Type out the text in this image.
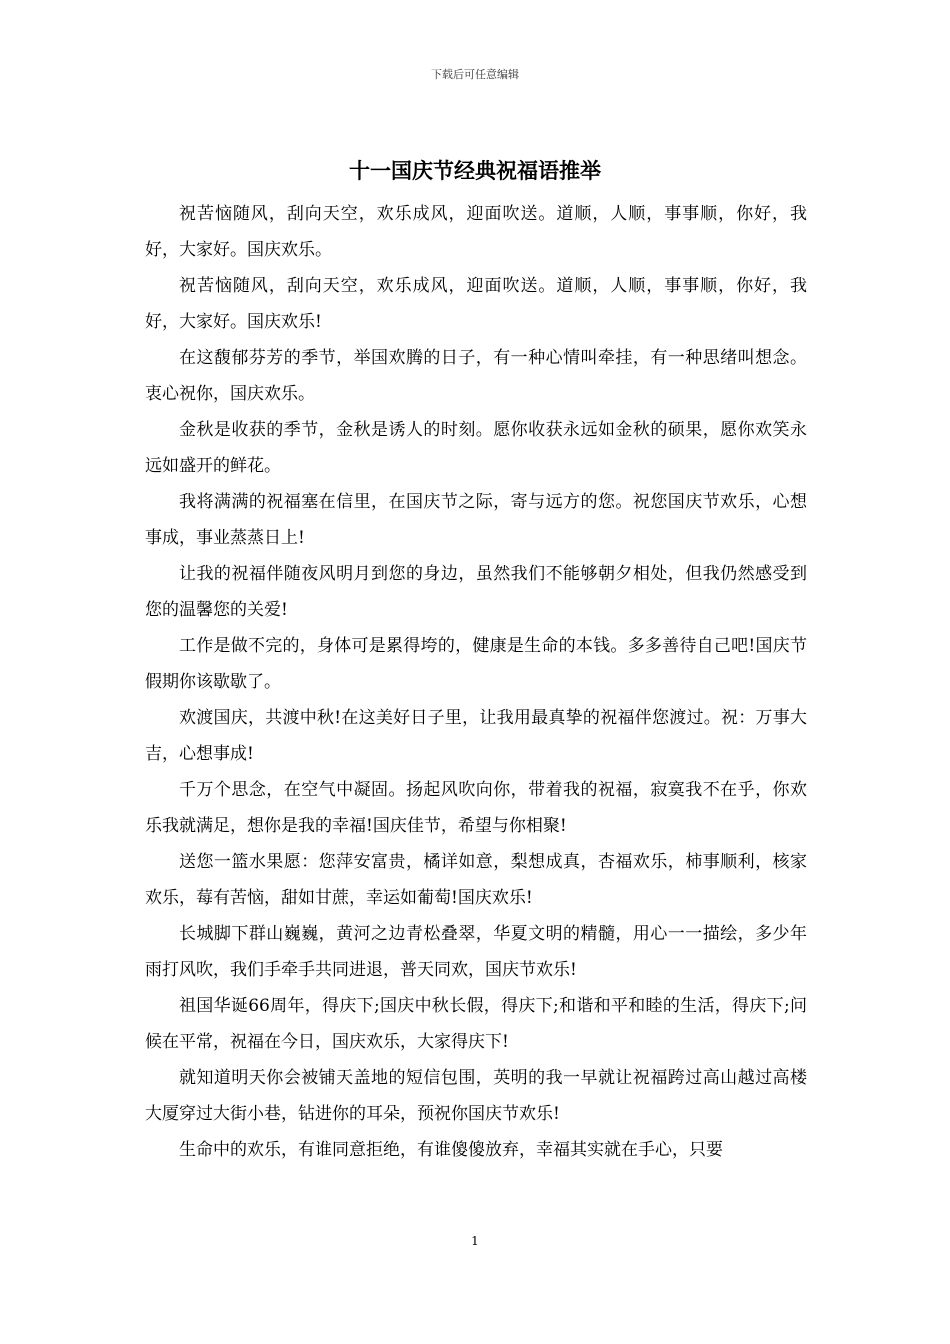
下载后可任意编辑
十一国庆节经典祝福语推举

祝苦恼随风，刮向天空，欢乐成风，迎面吹送。道顺，人顺，事事顺，你好，我好，大家好。国庆欢乐。

祝苦恼随风，刮向天空，欢乐成风，迎面吹送。道顺，人顺，事事顺，你好，我好，大家好。国庆欢乐!

在这馥郁芬芳的季节，举国欢腾的日子，有一种心情叫牵挂，有一种思绪叫想念。衷心祝你，国庆欢乐。

金秋是收获的季节，金秋是诱人的时刻。愿你收获永远如金秋的硕果，愿你欢笑永远如盛开的鲜花。

我将满满的祝福塞在信里，在国庆节之际，寄与远方的您。祝您国庆节欢乐，心想事成，事业蒸蒸日上!

让我的祝福伴随夜风明月到您的身边，虽然我们不能够朝夕相处，但我仍然感受到您的温馨您的关爱!

工作是做不完的，身体可是累得垮的，健康是生命的本钱。多多善待自己吧!国庆节假期你该歇歇了。

欢渡国庆，共渡中秋!在这美好日子里，让我用最真挚的祝福伴您渡过。祝：万事大吉，心想事成!

千万个思念，在空气中凝固。扬起风吹向你，带着我的祝福，寂寞我不在乎，你欢乐我就满足，想你是我的幸福!国庆佳节，希望与你相聚!

送您一篮水果愿：您萍安富贵，橘详如意，梨想成真，杏福欢乐，柿事顺利，核家欢乐，莓有苦恼，甜如甘蔗，幸运如葡萄!国庆欢乐!

长城脚下群山巍巍，黄河之边青松叠翠，华夏文明的精髓，用心一一描绘，多少年雨打风吹，我们手牵手共同进退，普天同欢，国庆节欢乐!

祖国华诞66周年，得庆下;国庆中秋长假，得庆下;和谐和平和睦的生活，得庆下;问候在平常，祝福在今日，国庆欢乐，大家得庆下!

就知道明天你会被铺天盖地的短信包围，英明的我一早就让祝福跨过高山越过高楼大厦穿过大街小巷，钻进你的耳朵，预祝你国庆节欢乐!

生命中的欢乐，有谁同意拒绝，有谁傻傻放弃，幸福其实就在手心，只要

1
